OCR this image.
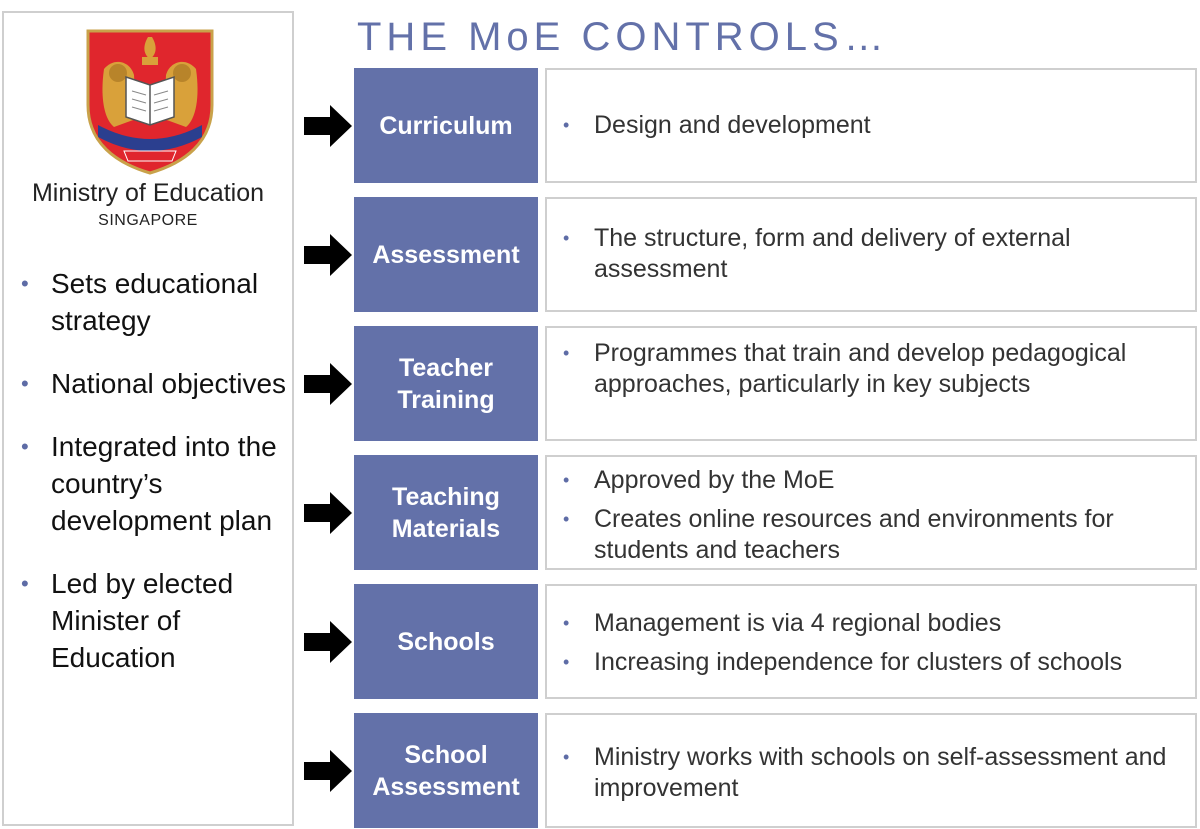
Ministry of Education
SINGAPORE
• Sets educational strategy
• National objectives
• Integrated into the country’s development plan
• Led by elected Minister of Education
THE MoE CONTROLS…
Curriculum	• Design and development
Assessment
• The structure, form and delivery of external assessment
Teacher Training
• Programmes that train and develop pedagogical approaches, particularly in key subjects
Teaching Materials
• Approved by the MoE
• Creates online resources and environments for students and teachers
Schools
• Management is via 4 regional bodies
• Increasing independence for clusters of schools
School Assessment
• Ministry works with schools on self-assessment and improvement
